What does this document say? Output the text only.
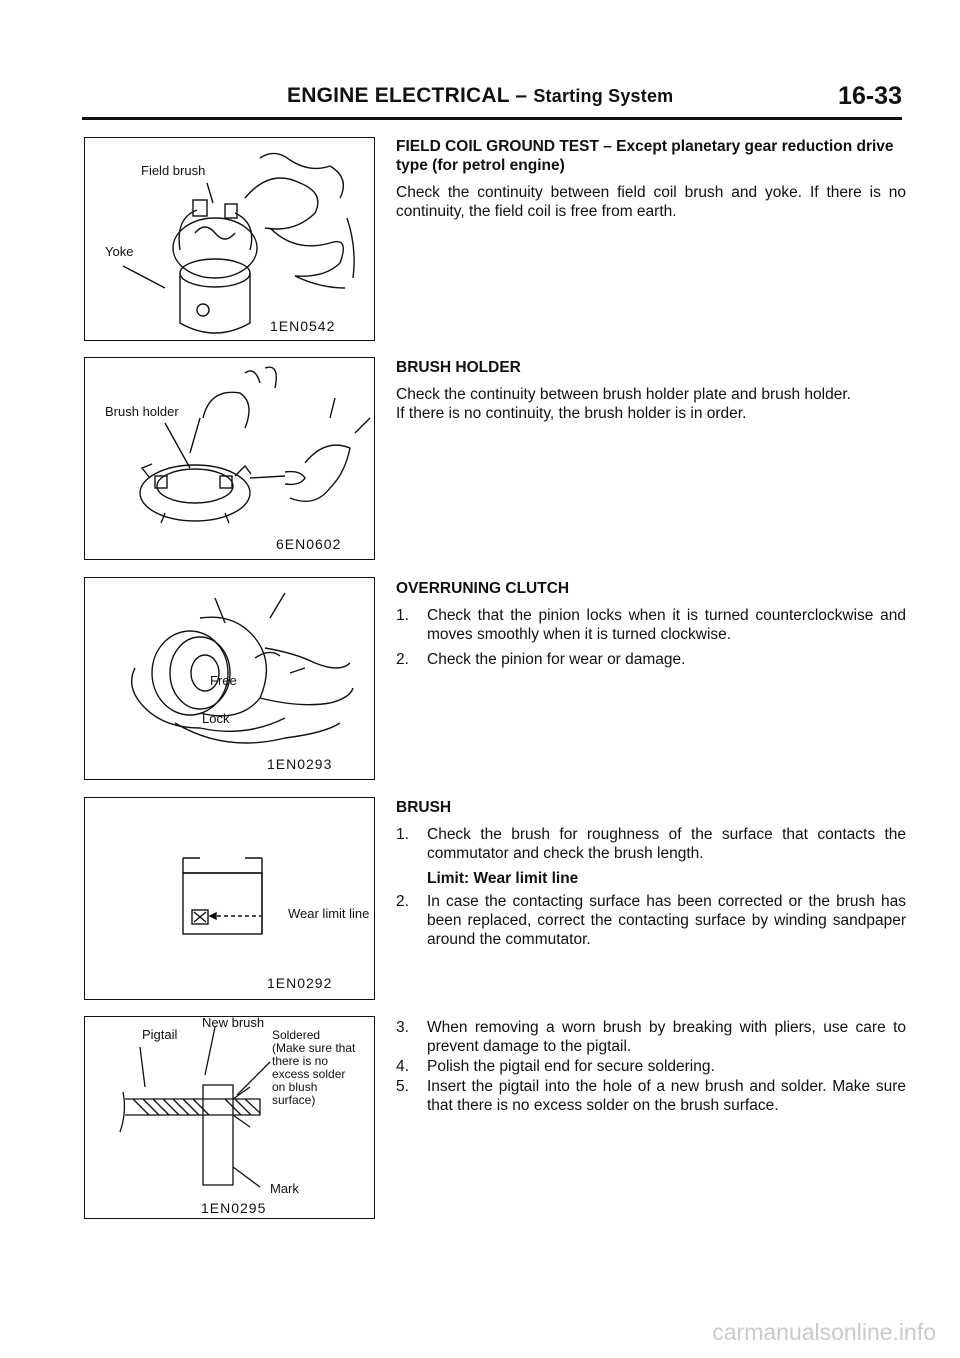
ENGINE ELECTRICAL – Starting System	16-33
Field brush
Yoke
1EN0542
Brush holder
6EN0602
Free
Lock
1EN0293
Wear limit line
1EN0292
New brush
Pigtail	Soldered
(Make sure that
there is no
excess solder
on blush
surface)
Mark
1EN0295
FIELD COIL GROUND TEST – Except planetary gear reduction drive type (for petrol engine)

Check the continuity between field coil brush and yoke. If there is no continuity, the field coil is free from earth.

BRUSH HOLDER

Check the continuity between brush holder plate and brush holder.

If there is no continuity, the brush holder is in order.

OVERRUNING CLUTCH
1. Check that the pinion locks when it is turned counterclockwise and moves smoothly when it is turned clockwise.

2. Check the pinion for wear or damage.

BRUSH
1. Check the brush for roughness of the surface that contacts the commutator and check the brush length.

Limit: Wear limit line
2. In case the contacting surface has been corrected or the brush has been replaced, correct the contacting surface by winding sandpaper around the commutator.

3. When removing a worn brush by breaking with pliers, use care to prevent damage to the pigtail.

4. Polish the pigtail end for secure soldering.

5. Insert the pigtail into the hole of a new brush and solder. Make sure that there is no excess solder on the brush surface.

carmanualsonline.info
